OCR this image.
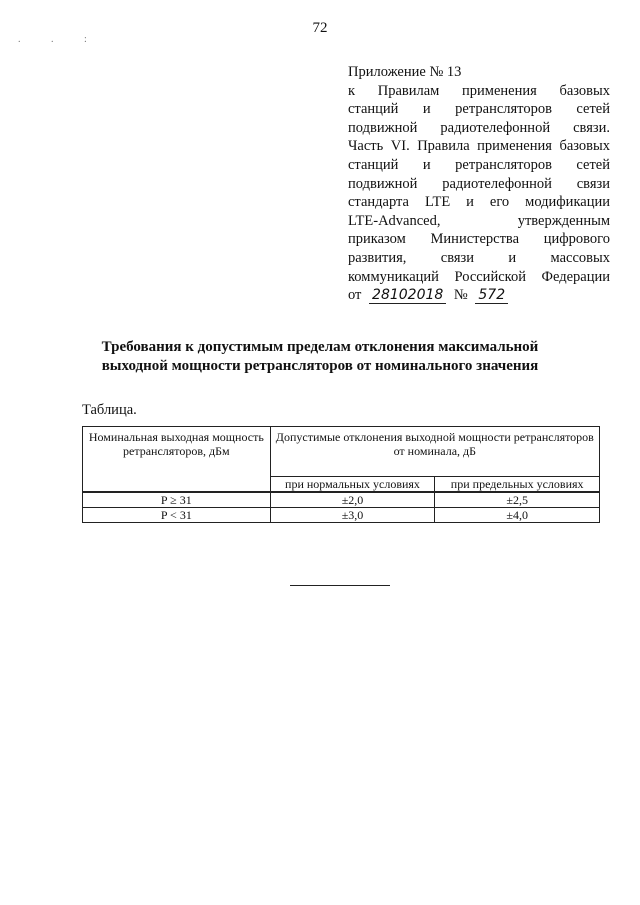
72
. . :
Приложение № 13
к Правилам применения базовых
станций и ретрансляторов сетей
подвижной радиотелефонной связи.
Часть VI. Правила применения базовых
станций и ретрансляторов сетей
подвижной радиотелефонной связи
стандарта LTE и его модификации
LTE-Advanced, утвержденным
приказом Министерства цифрового
развития, связи и массовых
коммуникаций Российской Федерации
от 28102018 № 572
Требования к допустимым пределам отклонения максимальной
выходной мощности ретрансляторов от номинального значения
Таблица.
Номинальная выходная мощность ретрансляторов, дБм	Допустимые отклонения выходной мощности ретрансляторов от номинала, дБ	
	при нормальных условиях	при предельных условиях
P ≥ 31	±2,0	±2,5
P < 31	±3,0	±4,0
